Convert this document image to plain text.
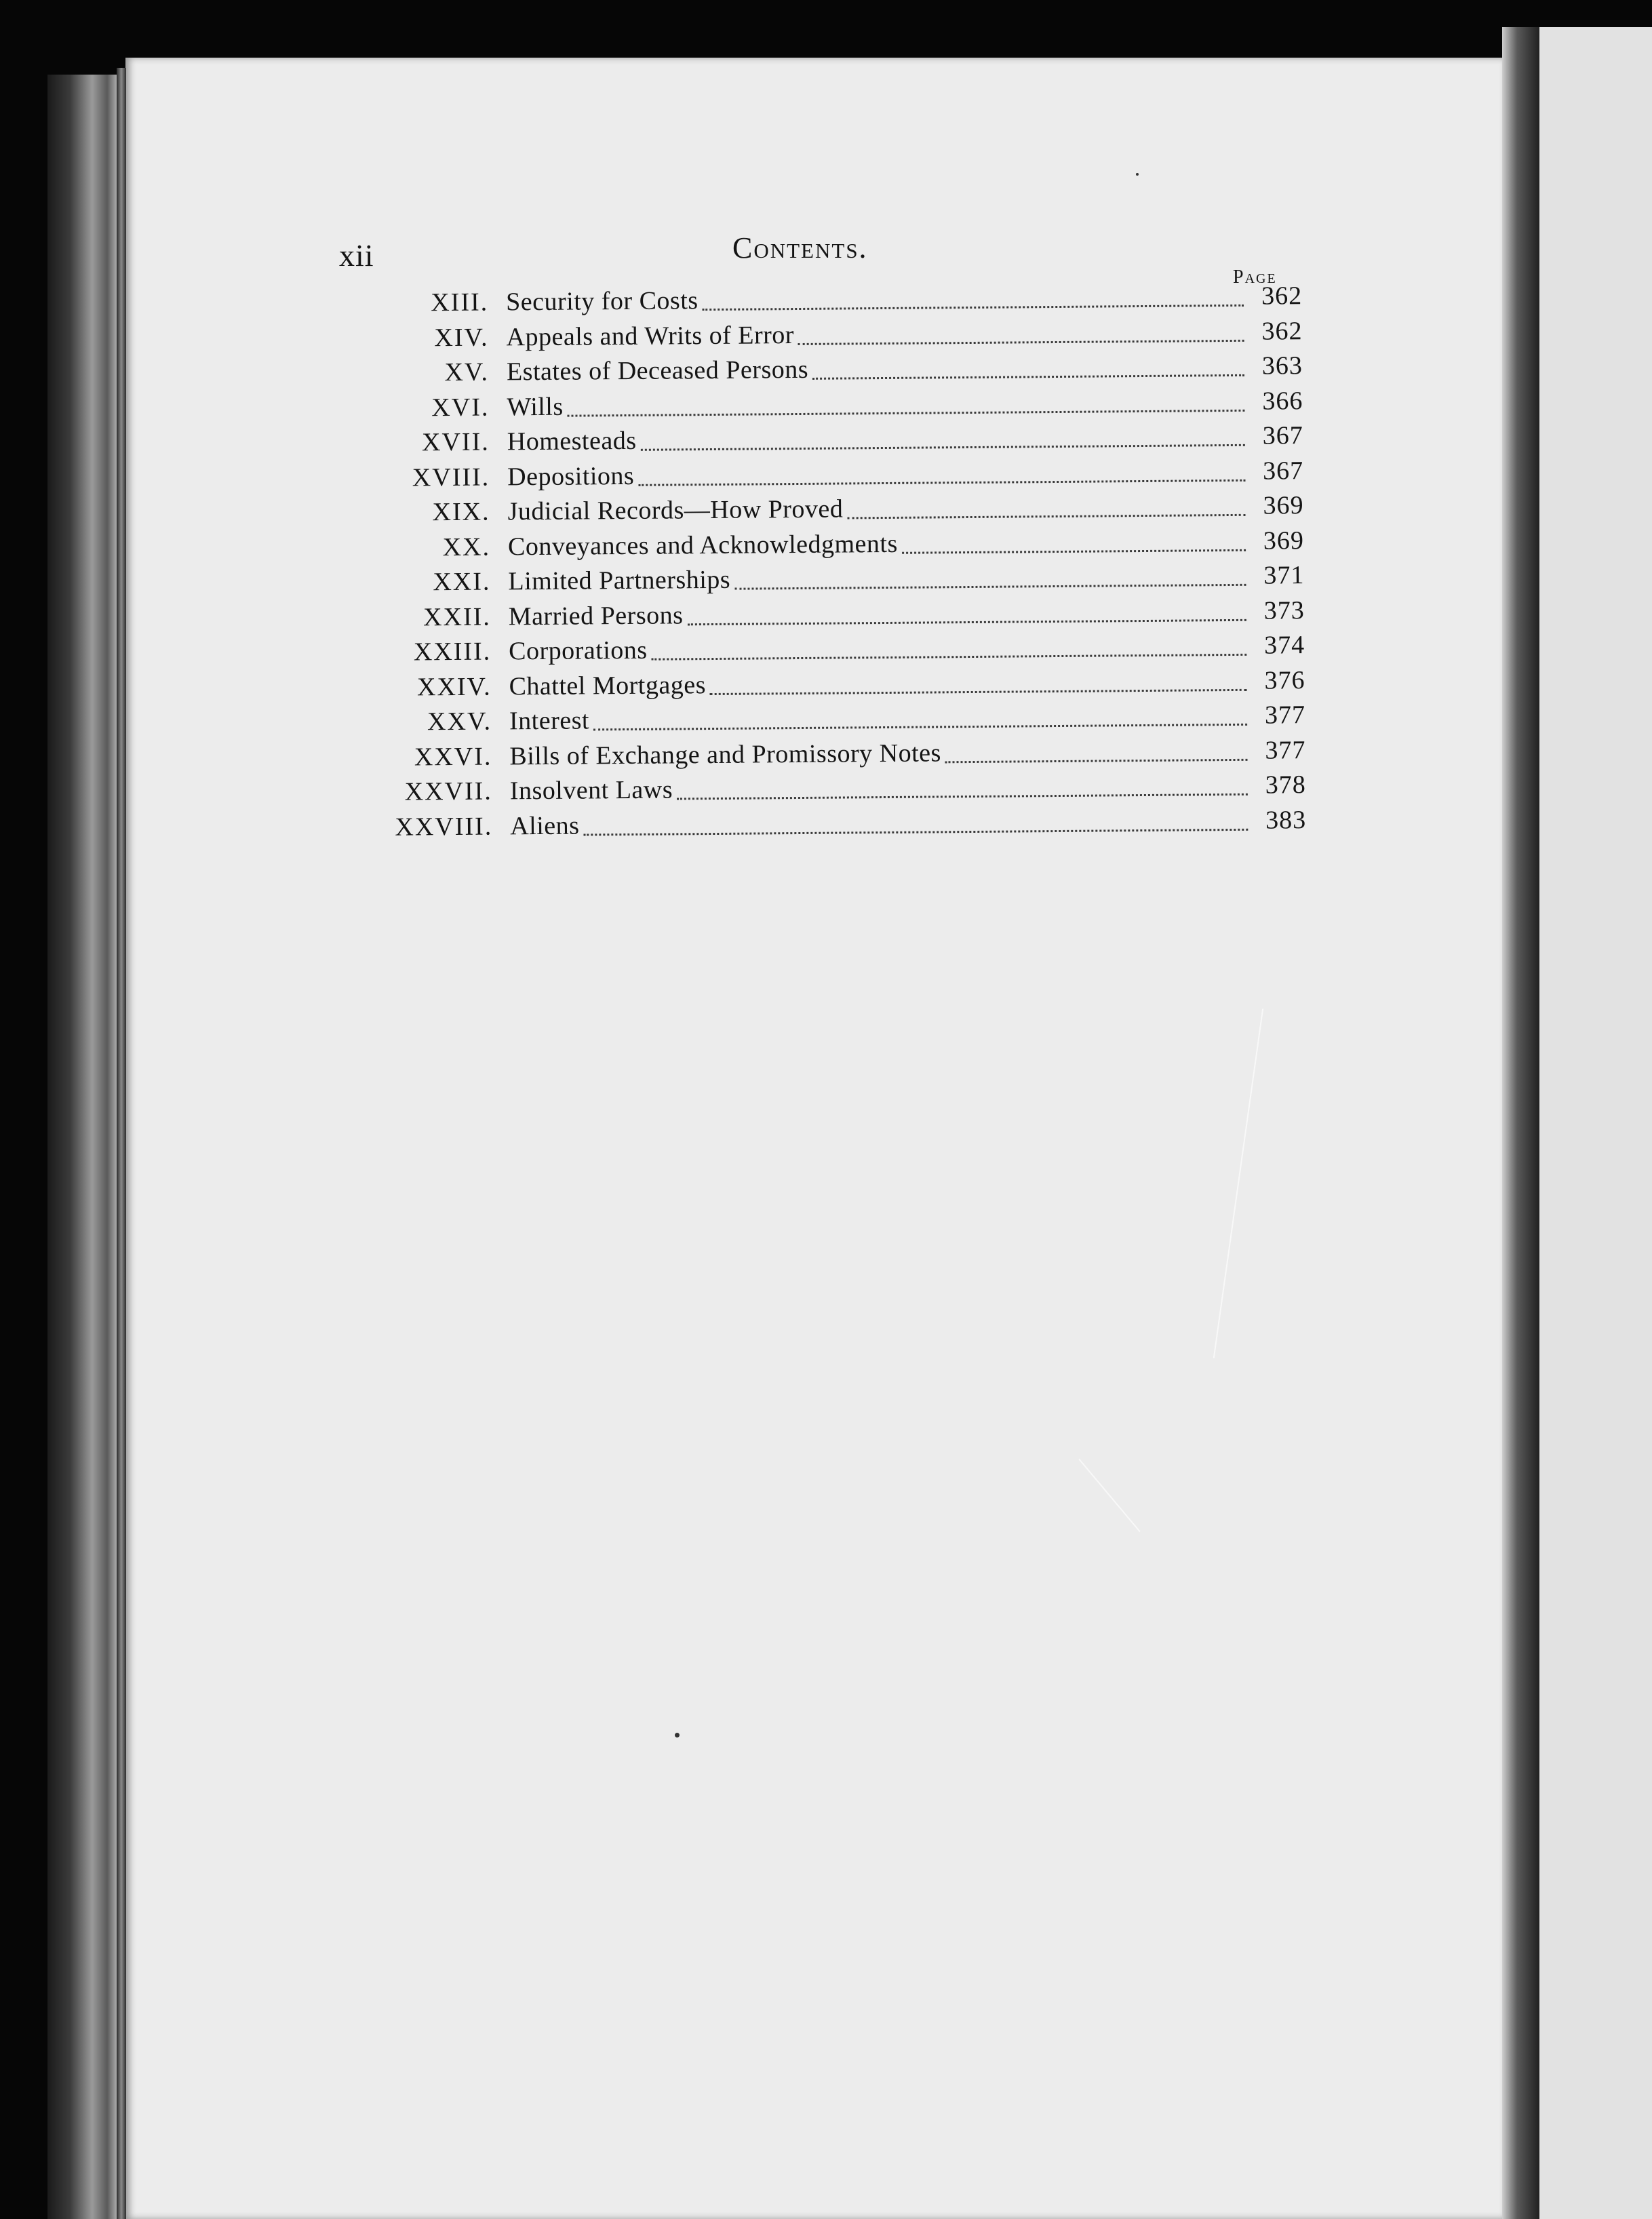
xii	Contents.
Page
XIII. Security for Costs	362
XIV. Appeals and Writs of Error	362
XV. Estates of Deceased Persons	363
XVI. Wills	366
XVII. Homesteads	367
XVIII. Depositions	367
XIX. Judicial Records—How Proved	369
XX. Conveyances and Acknowledgments	369
XXI. Limited Partnerships	371
XXII. Married Persons	373
XXIII. Corporations	374
XXIV. Chattel Mortgages	376
XXV. Interest	377
XXVI. Bills of Exchange and Promissory Notes	377
XXVII. Insolvent Laws	378
XXVIII. Aliens	383
